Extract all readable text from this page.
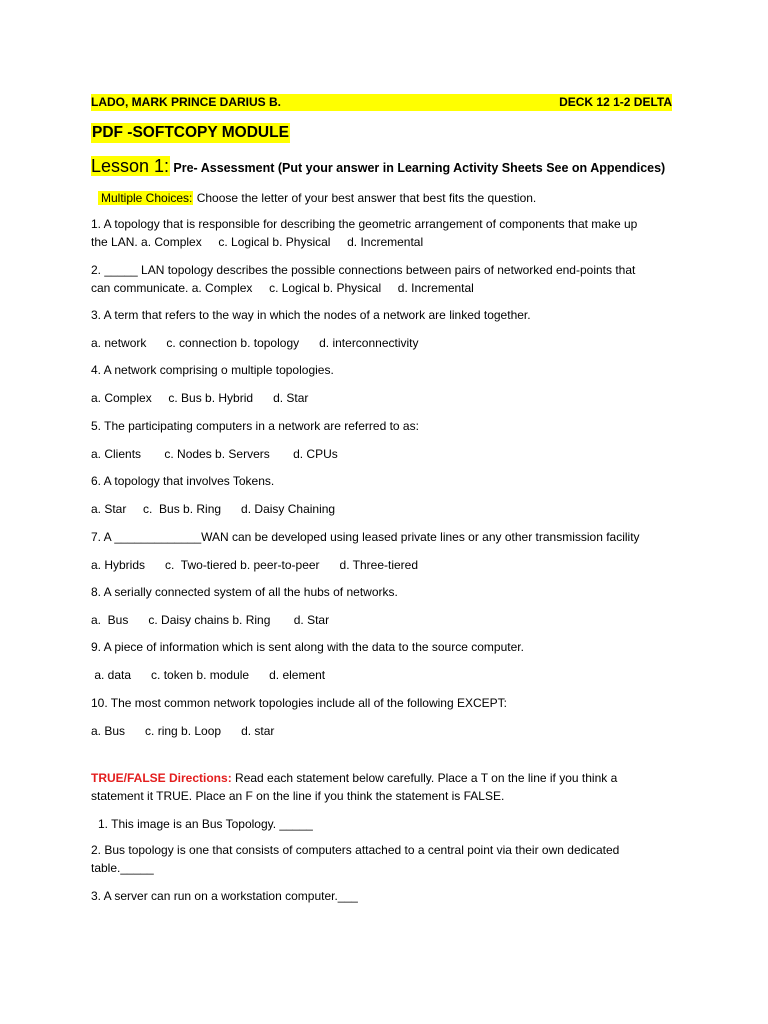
LADO, MARK PRINCE DARIUS B.	DECK 12 1-2 DELTA
PDF -SOFTCOPY MODULE
Lesson 1: Pre- Assessment (Put your answer in Learning Activity Sheets See on Appendices)
Multiple Choices: Choose the letter of your best answer that best fits the question.

1. A topology that is responsible for describing the geometric arrangement of components that make up

the LAN. a. Complex     c. Logical b. Physical     d. Incremental

2. _____ LAN topology describes the possible connections between pairs of networked end-points that

can communicate. a. Complex     c. Logical b. Physical     d. Incremental

3. A term that refers to the way in which the nodes of a network are linked together.

a. network      c. connection b. topology      d. interconnectivity

4. A network comprising o multiple topologies.

a. Complex     c. Bus b. Hybrid      d. Star

5. The participating computers in a network are referred to as:

a. Clients       c. Nodes b. Servers       d. CPUs

6. A topology that involves Tokens.

a. Star     c.  Bus b. Ring      d. Daisy Chaining

7. A _____________WAN can be developed using leased private lines or any other transmission facility

a. Hybrids      c.  Two-tiered b. peer-to-peer      d. Three-tiered

8. A serially connected system of all the hubs of networks.

a.  Bus      c. Daisy chains b. Ring       d. Star

9. A piece of information which is sent along with the data to the source computer.

a. data      c. token b. module      d. element

10. The most common network topologies include all of the following EXCEPT:

a. Bus      c. ring b. Loop      d. star

TRUE/FALSE Directions: Read each statement below carefully. Place a T on the line if you think a statement it TRUE. Place an F on the line if you think the statement is FALSE.
1. This image is an Bus Topology. _____
2. Bus topology is one that consists of computers attached to a central point via their own dedicated
table._____
3. A server can run on a workstation computer.___
